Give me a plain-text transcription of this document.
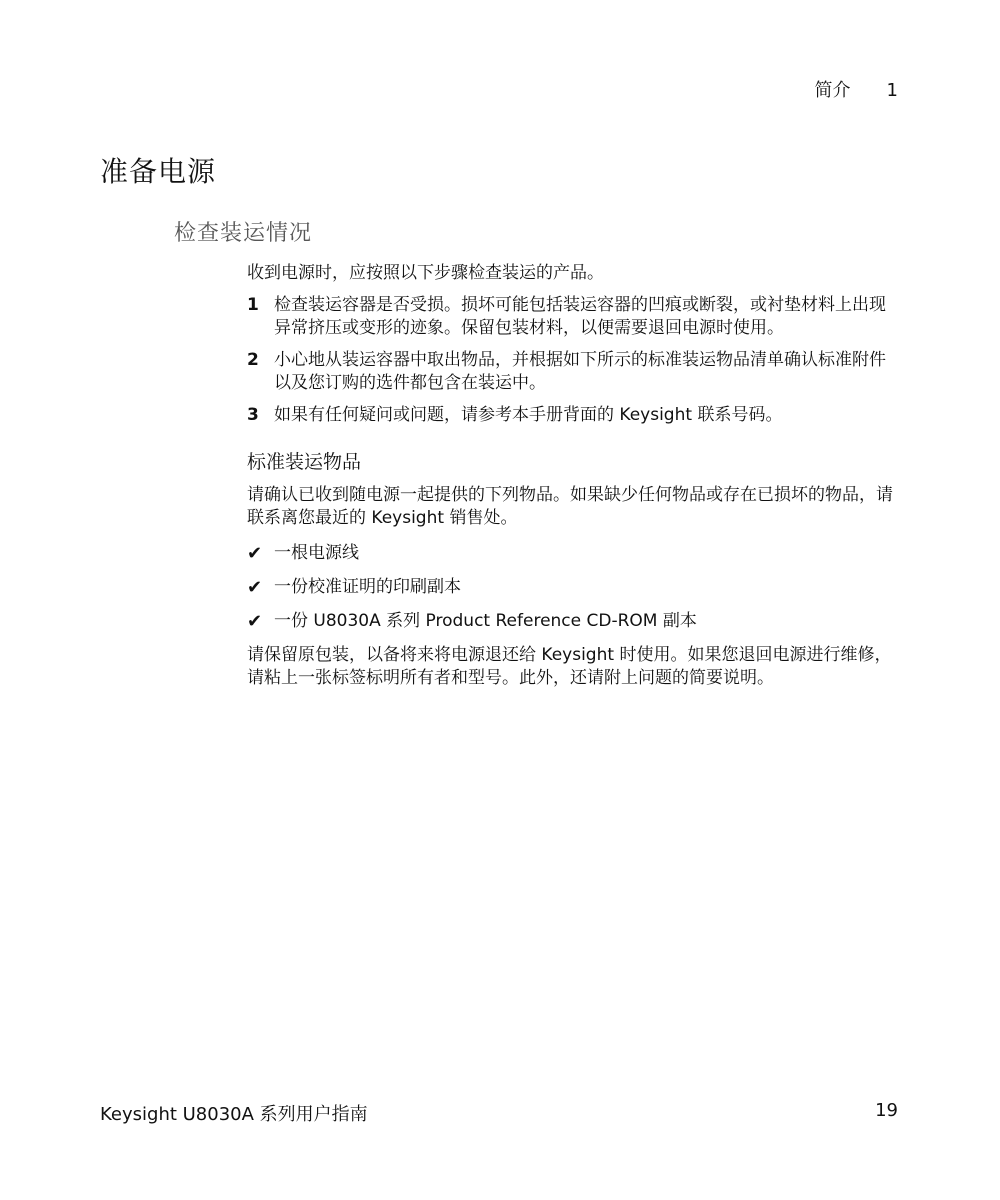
简介 1
准备电源
检查装运情况

收到电源时，应按照以下步骤检查装运的产品。

1 检查装运容器是否受损。损坏可能包括装运容器的凹痕或断裂，或衬垫材料上出现异常挤压或变形的迹象。保留包装材料，以便需要退回电源时使用。
2 小心地从装运容器中取出物品，并根据如下所示的标准装运物品清单确认标准附件以及您订购的选件都包含在装运中。
3 如果有任何疑问或问题，请参考本手册背面的 Keysight 联系号码。

标准装运物品

请确认已收到随电源一起提供的下列物品。如果缺少任何物品或存在已损坏的物品，请联系离您最近的 Keysight 销售处。

✔ 一根电源线
✔ 一份校准证明的印刷副本
✔ 一份 U8030A 系列 Product Reference CD-ROM 副本

请保留原包装，以备将来将电源退还给 Keysight 时使用。如果您退回电源进行维修，请粘上一张标签标明所有者和型号。此外，还请附上问题的简要说明。

Keysight U8030A 系列用户指南	19
